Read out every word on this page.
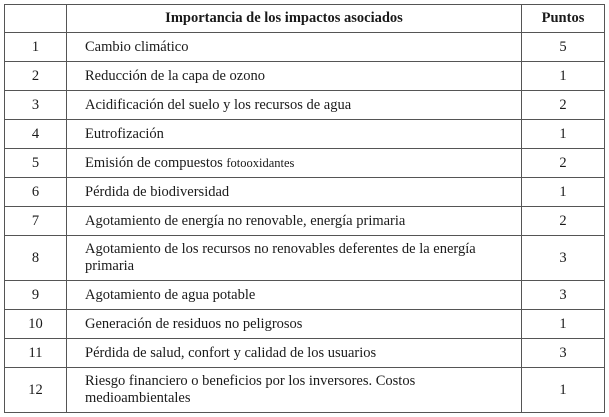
	Importancia de los impactos asociados	Puntos
1	Cambio climático	5
2	Reducción de la capa de ozono	1
3	Acidificación del suelo y los recursos de agua	2
4	Eutrofización	1
5	Emisión de compuestos fotooxidantes	2
6	Pérdida de biodiversidad	1
7	Agotamiento de energía no renovable, energía primaria	2
8	Agotamiento de los recursos no renovables deferentes de la energía primaria	3
9	Agotamiento de agua potable	3
10	Generación de residuos no peligrosos	1
11	Pérdida de salud, confort y calidad de los usuarios	3
12	Riesgo financiero o beneficios por los inversores. Costos medioambientales	1
